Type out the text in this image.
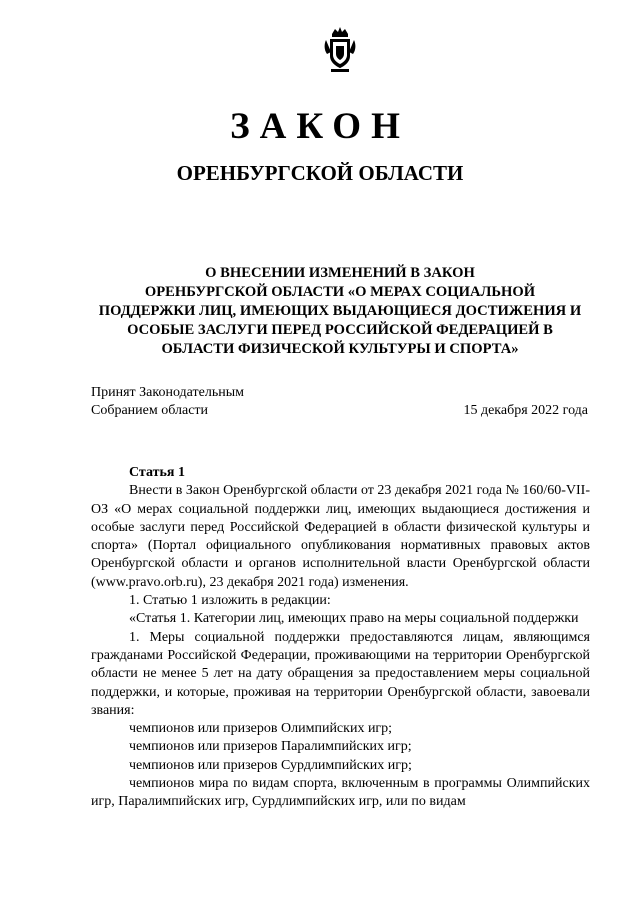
ЗАКОН
ОРЕНБУРГСКОЙ ОБЛАСТИ
О ВНЕСЕНИИ ИЗМЕНЕНИЙ В ЗАКОН
ОРЕНБУРГСКОЙ ОБЛАСТИ «О МЕРАХ СОЦИАЛЬНОЙ
ПОДДЕРЖКИ ЛИЦ, ИМЕЮЩИХ ВЫДАЮЩИЕСЯ ДОСТИЖЕНИЯ И
ОСОБЫЕ ЗАСЛУГИ ПЕРЕД РОССИЙСКОЙ ФЕДЕРАЦИЕЙ В
ОБЛАСТИ ФИЗИЧЕСКОЙ КУЛЬТУРЫ И СПОРТА»
Принят Законодательным
Собранием области	15 декабря 2022 года
Статья 1

Внести в Закон Оренбургской области от 23 декабря 2021 года № 160/60-VII-ОЗ «О мерах социальной поддержки лиц, имеющих выдающиеся достижения и особые заслуги перед Российской Федерацией в области физической культуры и спорта» (Портал официального опубликования нормативных правовых актов Оренбургской области и органов исполнительной власти Оренбургской области (www.pravo.orb.ru), 23 декабря 2021 года) изменения.

1. Статью 1 изложить в редакции:

«Статья 1. Категории лиц, имеющих право на меры социальной поддержки

1. Меры социальной поддержки предоставляются лицам, являющимся гражданами Российской Федерации, проживающими на территории Оренбургской области не менее 5 лет на дату обращения за предоставлением меры социальной поддержки, и которые, проживая на территории Оренбургской области, завоевали звания:

чемпионов или призеров Олимпийских игр;

чемпионов или призеров Паралимпийских игр;

чемпионов или призеров Сурдлимпийских игр;

чемпионов мира по видам спорта, включенным в программы Олимпийских игр, Паралимпийских игр, Сурдлимпийских игр, или по видам
